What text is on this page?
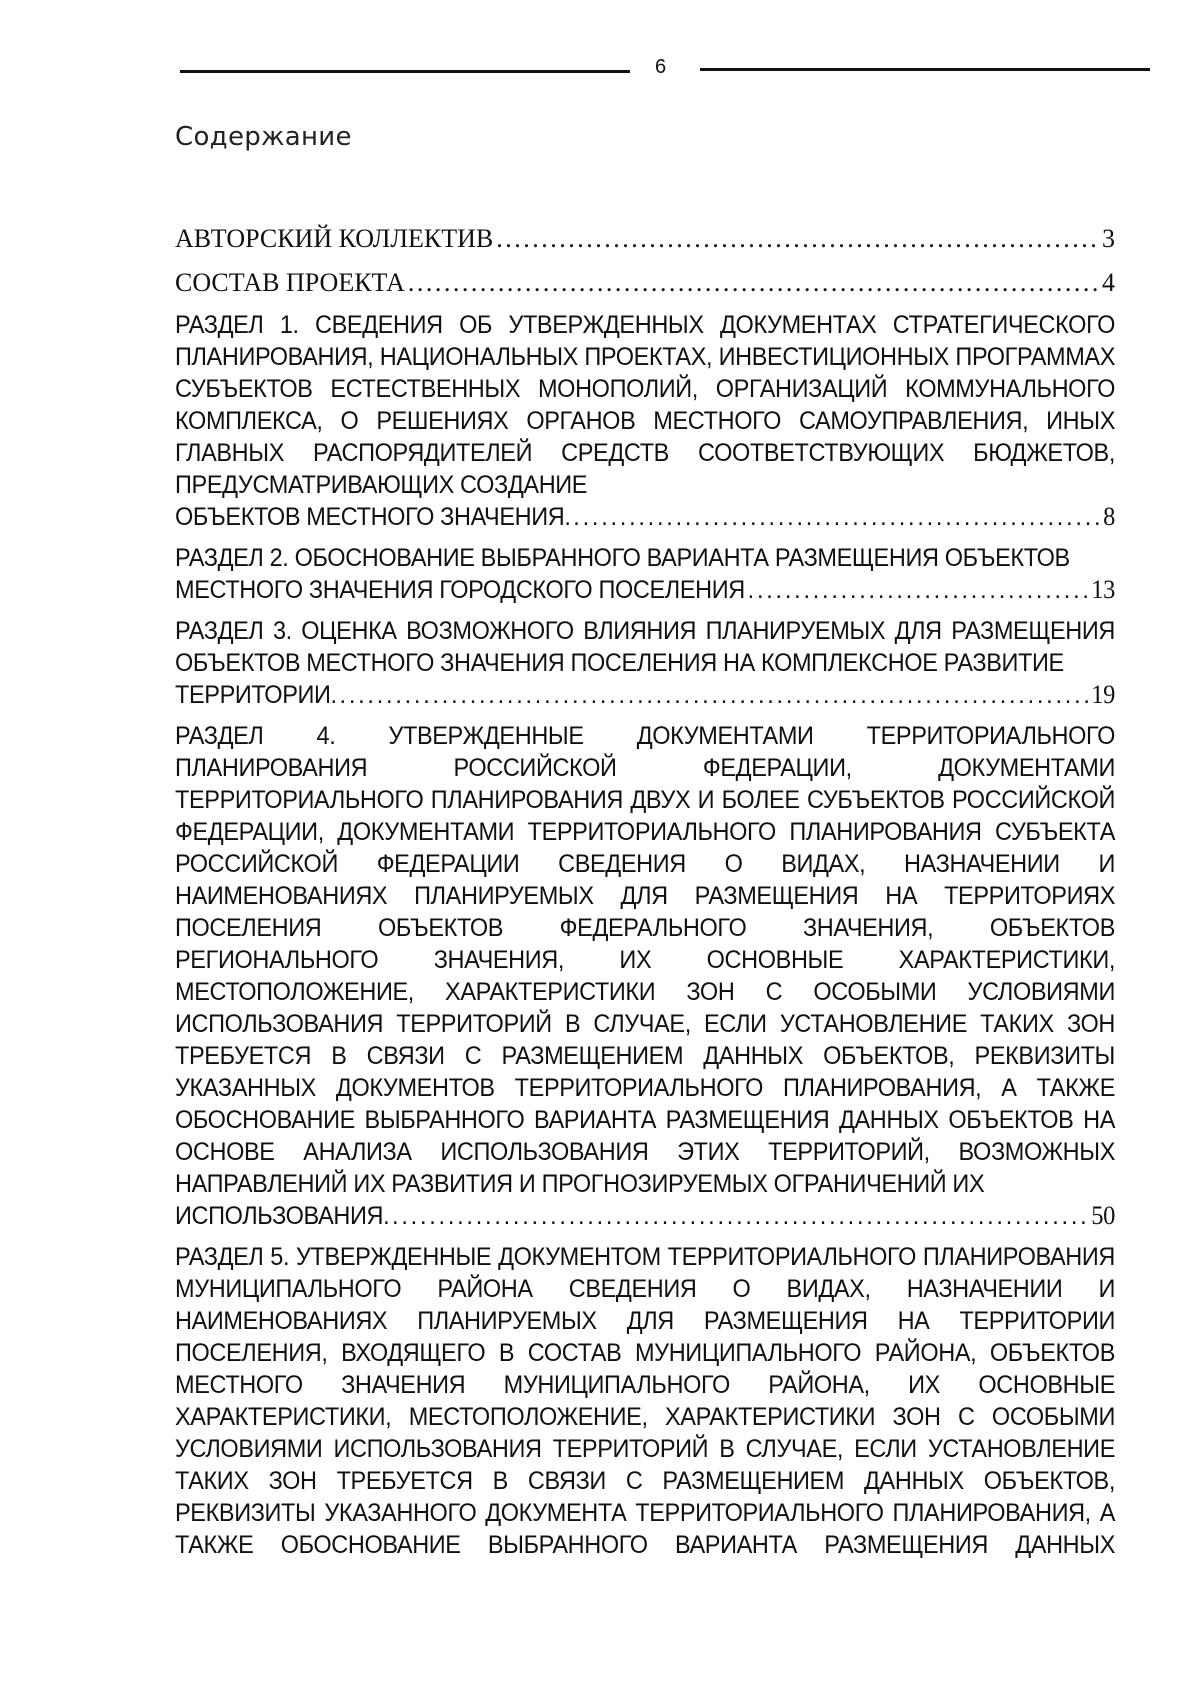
6
Содержание
АВТОРСКИЙ КОЛЛЕКТИВ . . .	3
СОСТАВ ПРОЕКТА . . .	4
РАЗДЕЛ 1. СВЕДЕНИЯ ОБ УТВЕРЖДЕННЫХ ДОКУМЕНТАХ СТРАТЕГИЧЕСКОГО ПЛАНИРОВАНИЯ, НАЦИОНАЛЬНЫХ ПРОЕКТАХ, ИНВЕСТИЦИОННЫХ ПРОГРАММАХ СУБЪЕКТОВ ЕСТЕСТВЕННЫХ МОНОПОЛИЙ, ОРГАНИЗАЦИЙ КОММУНАЛЬНОГО КОМПЛЕКСА, О РЕШЕНИЯХ ОРГАНОВ МЕСТНОГО САМОУПРАВЛЕНИЯ, ИНЫХ ГЛАВНЫХ РАСПОРЯДИТЕЛЕЙ СРЕДСТВ СООТВЕТСТВУЮЩИХ БЮДЖЕТОВ, ПРЕДУСМАТРИВАЮЩИХ СОЗДАНИЕ
ОБЪЕКТОВ МЕСТНОГО ЗНАЧЕНИЯ. . . .	8
РАЗДЕЛ 2. ОБОСНОВАНИЕ ВЫБРАННОГО ВАРИАНТА РАЗМЕЩЕНИЯ ОБЪЕКТОВ
МЕСТНОГО ЗНАЧЕНИЯ ГОРОДСКОГО ПОСЕЛЕНИЯ . . .	13
РАЗДЕЛ 3. ОЦЕНКА ВОЗМОЖНОГО ВЛИЯНИЯ ПЛАНИРУЕМЫХ ДЛЯ РАЗМЕЩЕНИЯ ОБЪЕКТОВ МЕСТНОГО ЗНАЧЕНИЯ ПОСЕЛЕНИЯ НА КОМПЛЕКСНОЕ РАЗВИТИЕ
ТЕРРИТОРИИ. . . .	19
РАЗДЕЛ 4. УТВЕРЖДЕННЫЕ ДОКУМЕНТАМИ ТЕРРИТОРИАЛЬНОГО ПЛАНИРОВАНИЯ РОССИЙСКОЙ ФЕДЕРАЦИИ, ДОКУМЕНТАМИ ТЕРРИТОРИАЛЬНОГО ПЛАНИРОВАНИЯ ДВУХ И БОЛЕЕ СУБЪЕКТОВ РОССИЙСКОЙ ФЕДЕРАЦИИ, ДОКУМЕНТАМИ ТЕРРИТОРИАЛЬНОГО ПЛАНИРОВАНИЯ СУБЪЕКТА РОССИЙСКОЙ ФЕДЕРАЦИИ СВЕДЕНИЯ О ВИДАХ, НАЗНАЧЕНИИ И НАИМЕНОВАНИЯХ ПЛАНИРУЕМЫХ ДЛЯ РАЗМЕЩЕНИЯ НА ТЕРРИТОРИЯХ ПОСЕЛЕНИЯ ОБЪЕКТОВ ФЕДЕРАЛЬНОГО ЗНАЧЕНИЯ, ОБЪЕКТОВ РЕГИОНАЛЬНОГО ЗНАЧЕНИЯ, ИХ ОСНОВНЫЕ ХАРАКТЕРИСТИКИ, МЕСТОПОЛОЖЕНИЕ, ХАРАКТЕРИСТИКИ ЗОН С ОСОБЫМИ УСЛОВИЯМИ ИСПОЛЬЗОВАНИЯ ТЕРРИТОРИЙ В СЛУЧАЕ, ЕСЛИ УСТАНОВЛЕНИЕ ТАКИХ ЗОН ТРЕБУЕТСЯ В СВЯЗИ С РАЗМЕЩЕНИЕМ ДАННЫХ ОБЪЕКТОВ, РЕКВИЗИТЫ УКАЗАННЫХ ДОКУМЕНТОВ ТЕРРИТОРИАЛЬНОГО ПЛАНИРОВАНИЯ, А ТАКЖЕ ОБОСНОВАНИЕ ВЫБРАННОГО ВАРИАНТА РАЗМЕЩЕНИЯ ДАННЫХ ОБЪЕКТОВ НА ОСНОВЕ АНАЛИЗА ИСПОЛЬЗОВАНИЯ ЭТИХ ТЕРРИТОРИЙ, ВОЗМОЖНЫХ НАПРАВЛЕНИЙ ИХ РАЗВИТИЯ И ПРОГНОЗИРУЕМЫХ ОГРАНИЧЕНИЙ ИХ
ИСПОЛЬЗОВАНИЯ. . . .	50
РАЗДЕЛ 5. УТВЕРЖДЕННЫЕ ДОКУМЕНТОМ ТЕРРИТОРИАЛЬНОГО ПЛАНИРОВАНИЯ МУНИЦИПАЛЬНОГО РАЙОНА СВЕДЕНИЯ О ВИДАХ, НАЗНАЧЕНИИ И НАИМЕНОВАНИЯХ ПЛАНИРУЕМЫХ ДЛЯ РАЗМЕЩЕНИЯ НА ТЕРРИТОРИИ ПОСЕЛЕНИЯ, ВХОДЯЩЕГО В СОСТАВ МУНИЦИПАЛЬНОГО РАЙОНА, ОБЪЕКТОВ МЕСТНОГО ЗНАЧЕНИЯ МУНИЦИПАЛЬНОГО РАЙОНА, ИХ ОСНОВНЫЕ ХАРАКТЕРИСТИКИ, МЕСТОПОЛОЖЕНИЕ, ХАРАКТЕРИСТИКИ ЗОН С ОСОБЫМИ УСЛОВИЯМИ ИСПОЛЬЗОВАНИЯ ТЕРРИТОРИЙ В СЛУЧАЕ, ЕСЛИ УСТАНОВЛЕНИЕ ТАКИХ ЗОН ТРЕБУЕТСЯ В СВЯЗИ С РАЗМЕЩЕНИЕМ ДАННЫХ ОБЪЕКТОВ, РЕКВИЗИТЫ УКАЗАННОГО ДОКУМЕНТА ТЕРРИТОРИАЛЬНОГО ПЛАНИРОВАНИЯ, А ТАКЖЕ ОБОСНОВАНИЕ ВЫБРАННОГО ВАРИАНТА РАЗМЕЩЕНИЯ ДАННЫХ
